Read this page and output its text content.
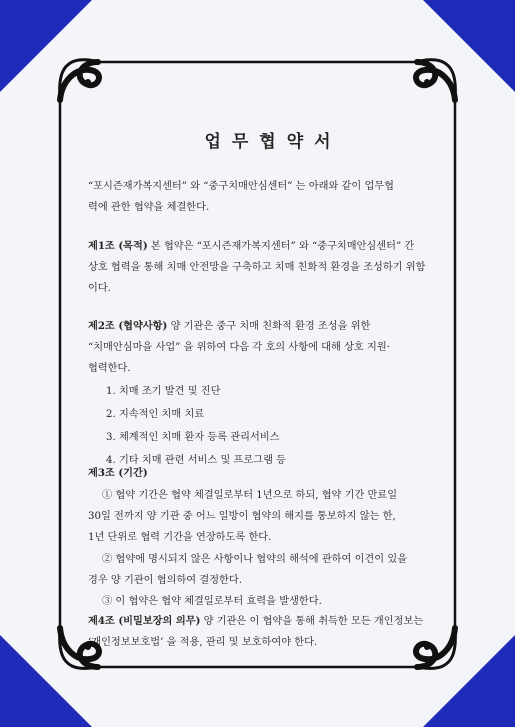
업무협약서
“포시즌재가복지센터” 와 “중구치매안심센터” 는 아래와 같이 업무협
력에 관한 협약을 체결한다.
제1조 (목적) 본 협약은 “포시즌재가복지센터” 와 “중구치매안심센터” 간
상호 협력을 통해 치매 안전망을 구축하고 치매 친화적 환경을 조성하기 위함
이다.
제2조 (협약사항) 양 기관은 중구 치매 친화적 환경 조성을 위한
“치매안심마을 사업” 을 위하여 다음 각 호의 사항에 대해 상호 지원·
협력한다.
1. 치매 조기 발견 및 진단
2. 지속적인 치매 치료
3. 체계적인 치매 환자 등록 관리서비스
4. 기타 치매 관련 서비스 및 프로그램 등
제3조 (기간)
① 협약 기간은 협약 체결일로부터 1년으로 하되, 협약 기간 만료일
30일 전까지 양 기관 중 어느 일방이 협약의 해지를 통보하지 않는 한,
1년 단위로 협력 기간을 연장하도록 한다.
② 협약에 명시되지 않은 사항이나 협약의 해석에 관하여 이견이 있을
경우 양 기관이 협의하여 결정한다.
③ 이 협약은 협약 체결일로부터 효력을 발생한다.
제4조 (비밀보장의 의무) 양 기관은 이 협약을 통해 취득한 모든 개인정보는
‘개인정보보호법’ 을 적용, 관리 및 보호하여야 한다.
